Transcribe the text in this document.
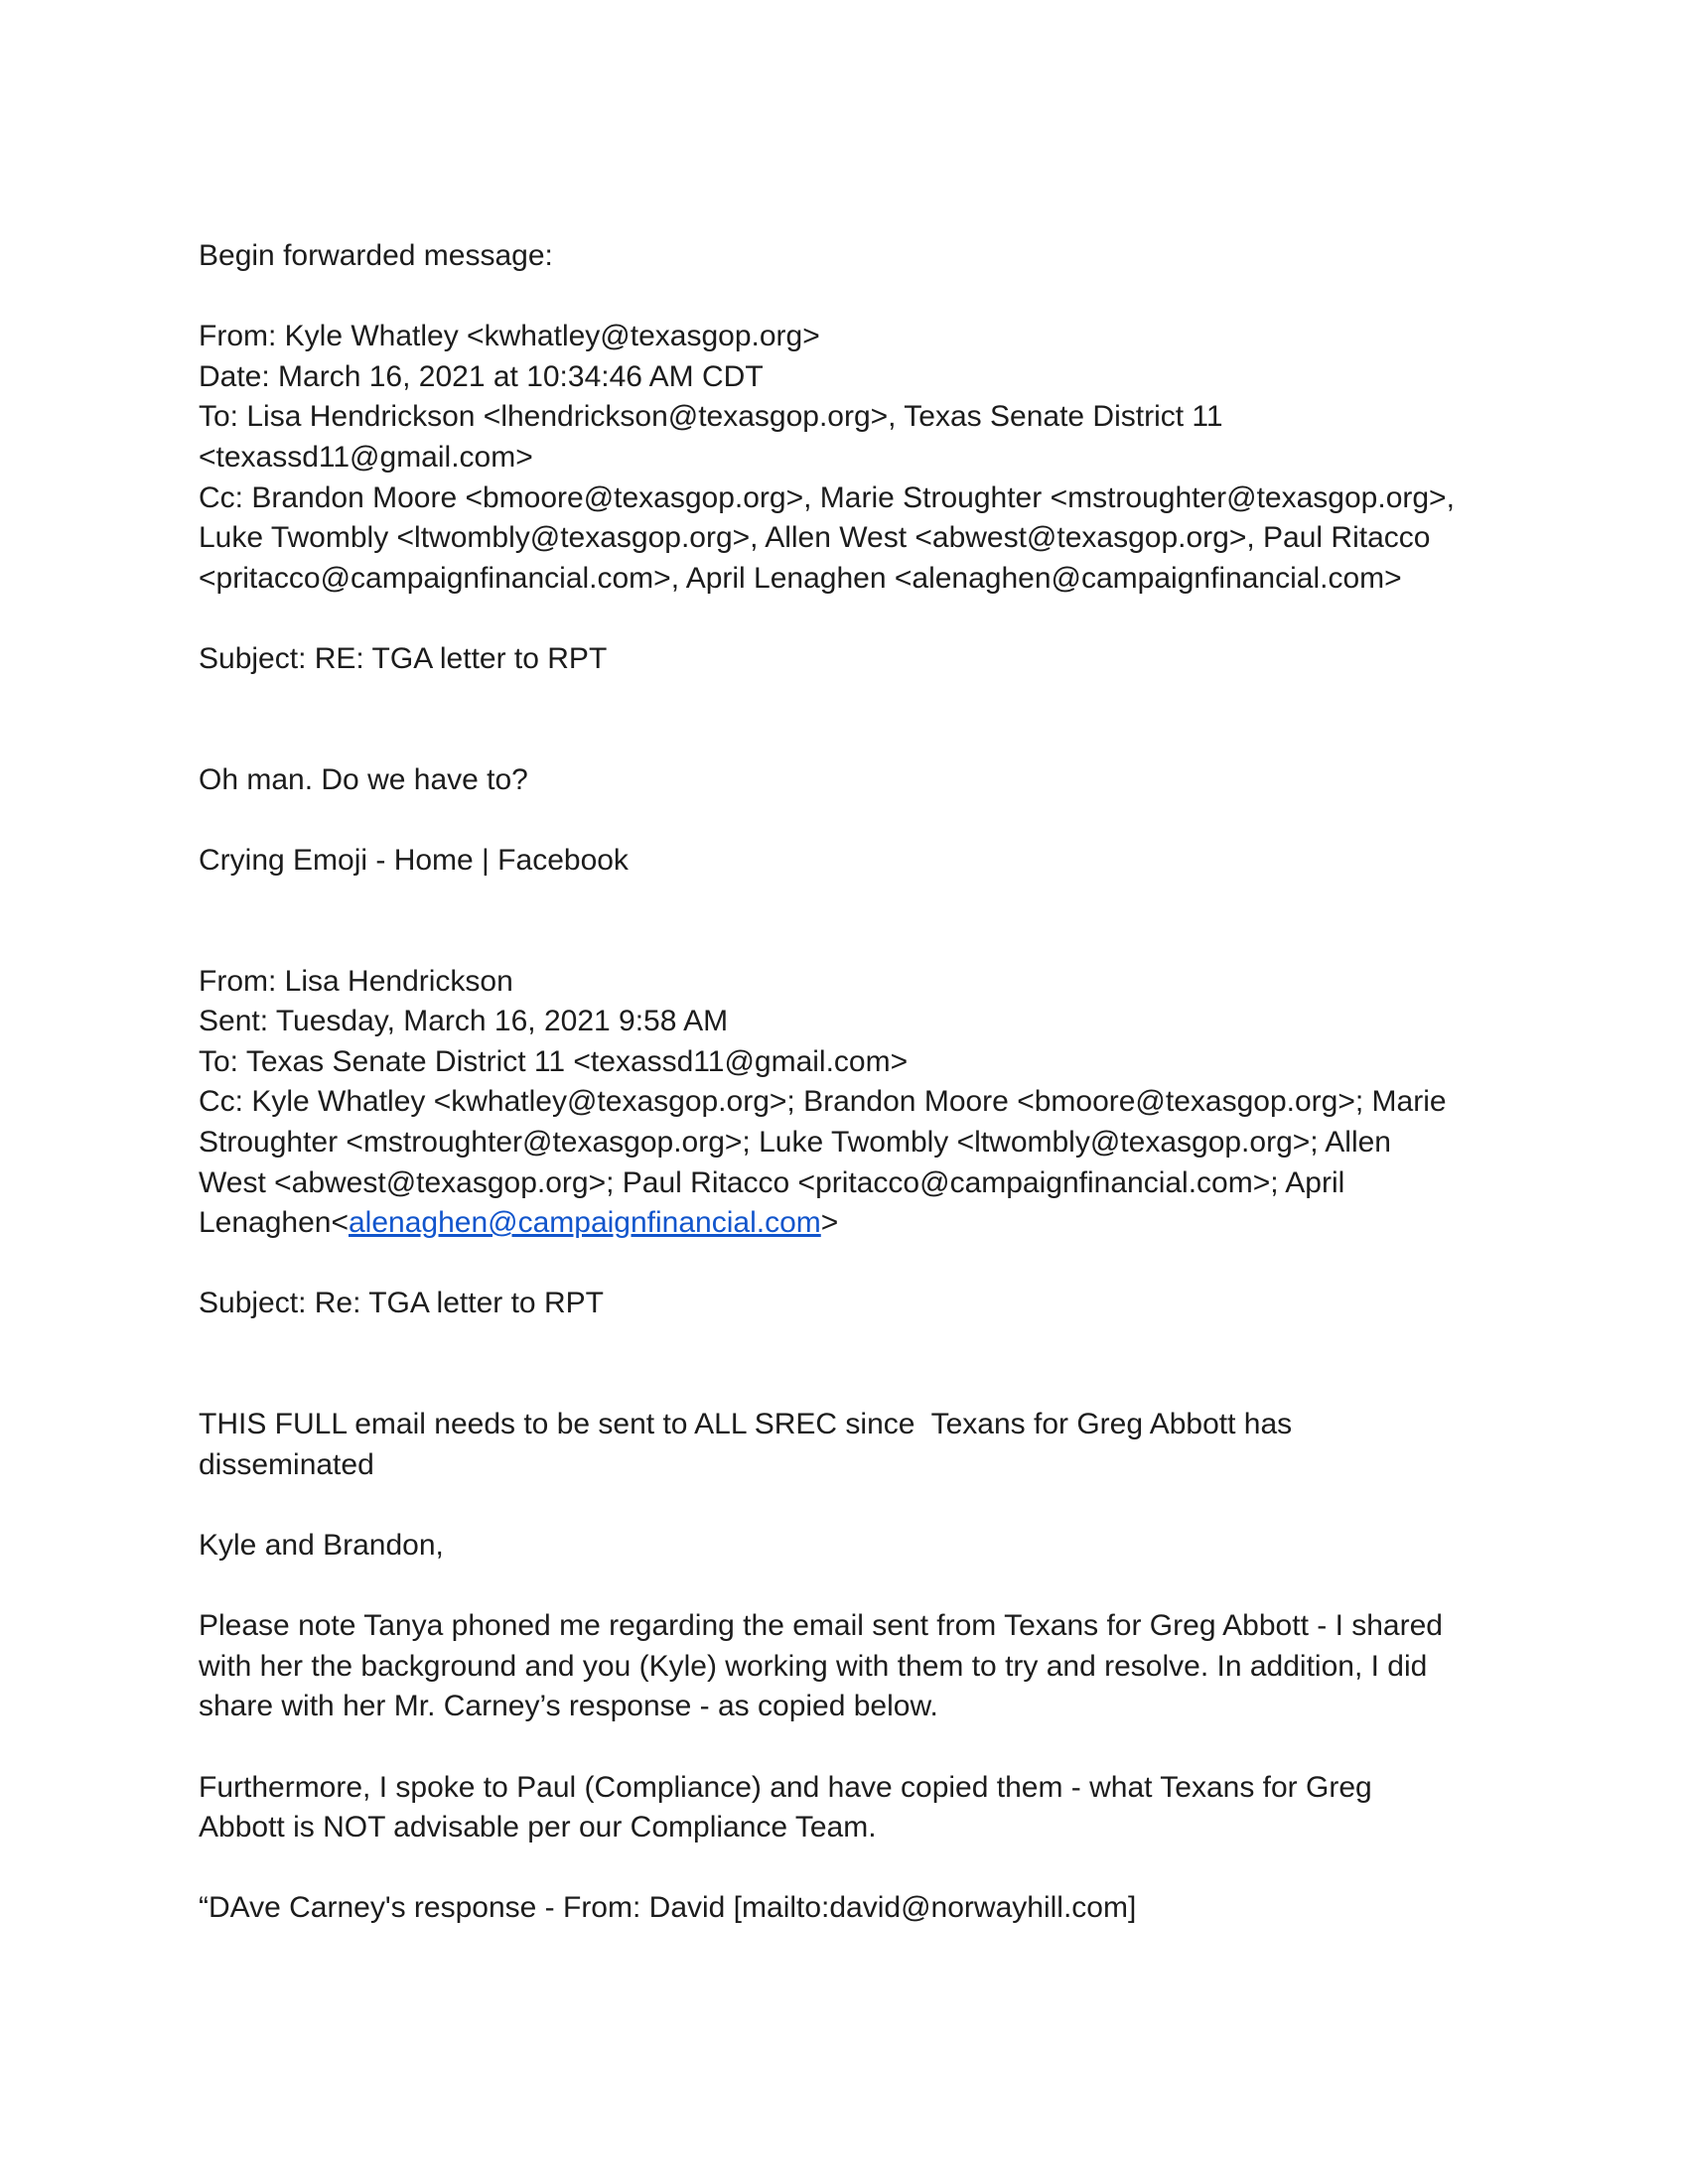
Begin forwarded message:
From: Kyle Whatley <kwhatley@texasgop.org>
Date: March 16, 2021 at 10:34:46 AM CDT
To: Lisa Hendrickson <lhendrickson@texasgop.org>, Texas Senate District 11
<texassd11@gmail.com>
Cc: Brandon Moore <bmoore@texasgop.org>, Marie Stroughter <mstroughter@texasgop.org>,
Luke Twombly <ltwombly@texasgop.org>, Allen West <abwest@texasgop.org>, Paul Ritacco
<pritacco@campaignfinancial.com>, April Lenaghen <alenaghen@campaignfinancial.com>
Subject: RE: TGA letter to RPT
Oh man. Do we have to?
Crying Emoji - Home | Facebook
From: Lisa Hendrickson
Sent: Tuesday, March 16, 2021 9:58 AM
To: Texas Senate District 11 <texassd11@gmail.com>
Cc: Kyle Whatley <kwhatley@texasgop.org>; Brandon Moore <bmoore@texasgop.org>; Marie
Stroughter <mstroughter@texasgop.org>; Luke Twombly <ltwombly@texasgop.org>; Allen
West <abwest@texasgop.org>; Paul Ritacco <pritacco@campaignfinancial.com>; April
Lenaghen<alenaghen@campaignfinancial.com>
Subject: Re: TGA letter to RPT
THIS FULL email needs to be sent to ALL SREC since  Texans for Greg Abbott has
disseminated
Kyle and Brandon,
Please note Tanya phoned me regarding the email sent from Texans for Greg Abbott - I shared
with her the background and you (Kyle) working with them to try and resolve. In addition, I did
share with her Mr. Carney’s response - as copied below.
Furthermore, I spoke to Paul (Compliance) and have copied them - what Texans for Greg
Abbott is NOT advisable per our Compliance Team.
“DAve Carney's response - From: David [mailto:david@norwayhill.com]
